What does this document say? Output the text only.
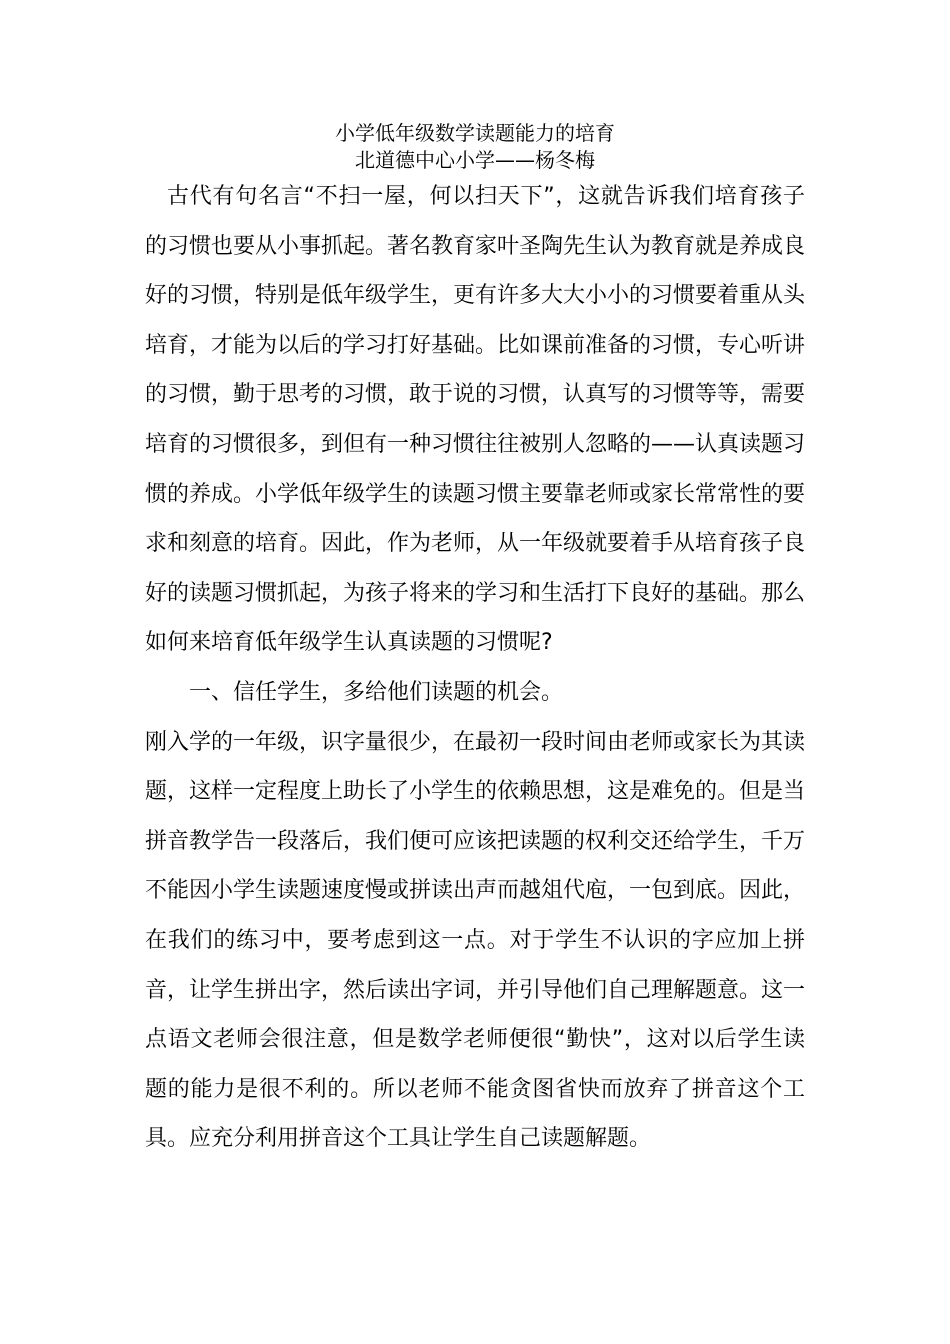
小学低年级数学读题能力的培育
北道德中心小学——杨冬梅

古代有句名言“不扫一屋，何以扫天下”，这就告诉我们培育孩子的习惯也要从小事抓起。著名教育家叶圣陶先生认为教育就是养成良好的习惯，特别是低年级学生，更有许多大大小小的习惯要着重从头培育，才能为以后的学习打好基础。比如课前准备的习惯，专心听讲的习惯，勤于思考的习惯，敢于说的习惯，认真写的习惯等等，需要培育的习惯很多，到但有一种习惯往往被别人忽略的——认真读题习惯的养成。小学低年级学生的读题习惯主要靠老师或家长常常性的要求和刻意的培育。因此，作为老师，从一年级就要着手从培育孩子良好的读题习惯抓起，为孩子将来的学习和生活打下良好的基础。那么如何来培育低年级学生认真读题的习惯呢?

一、信任学生，多给他们读题的机会。

刚入学的一年级，识字量很少，在最初一段时间由老师或家长为其读题，这样一定程度上助长了小学生的依赖思想，这是难免的。但是当拼音教学告一段落后，我们便可应该把读题的权利交还给学生，千万不能因小学生读题速度慢或拼读出声而越俎代庖，一包到底。因此，在我们的练习中，要考虑到这一点。对于学生不认识的字应加上拼音，让学生拼出字，然后读出字词，并引导他们自己理解题意。这一点语文老师会很注意，但是数学老师便很“勤快”，这对以后学生读题的能力是很不利的。所以老师不能贪图省快而放弃了拼音这个工具。应充分利用拼音这个工具让学生自己读题解题。
